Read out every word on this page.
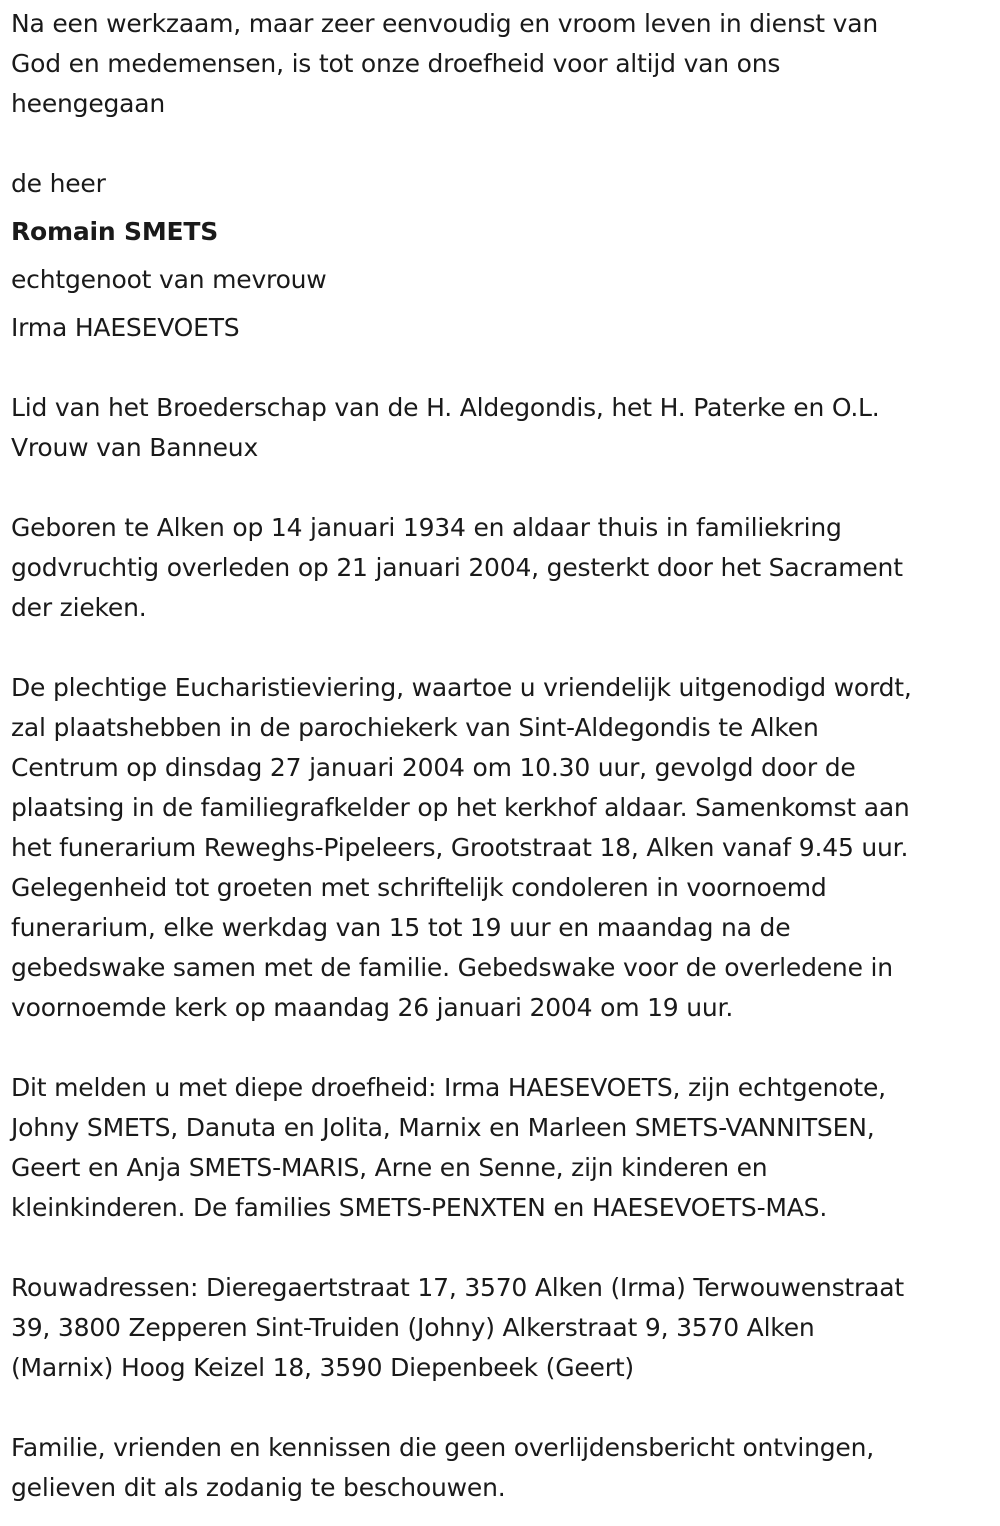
Na een werkzaam, maar zeer eenvoudig en vroom leven in dienst van
God en medemensen, is tot onze droefheid voor altijd van ons
heengegaan

de heer

Romain SMETS

echtgenoot van mevrouw

Irma HAESEVOETS

Lid van het Broederschap van de H. Aldegondis, het H. Paterke en O.L.
Vrouw van Banneux

Geboren te Alken op 14 januari 1934 en aldaar thuis in familiekring
godvruchtig overleden op 21 januari 2004, gesterkt door het Sacrament
der zieken.

De plechtige Eucharistieviering, waartoe u vriendelijk uitgenodigd wordt,
zal plaatshebben in de parochiekerk van Sint-Aldegondis te Alken
Centrum op dinsdag 27 januari 2004 om 10.30 uur, gevolgd door de
plaatsing in de familiegrafkelder op het kerkhof aldaar. Samenkomst aan
het funerarium Reweghs-Pipeleers, Grootstraat 18, Alken vanaf 9.45 uur.
Gelegenheid tot groeten met schriftelijk condoleren in voornoemd
funerarium, elke werkdag van 15 tot 19 uur en maandag na de
gebedswake samen met de familie. Gebedswake voor de overledene in
voornoemde kerk op maandag 26 januari 2004 om 19 uur.

Dit melden u met diepe droefheid: Irma HAESEVOETS, zijn echtgenote,
Johny SMETS, Danuta en Jolita, Marnix en Marleen SMETS-VANNITSEN,
Geert en Anja SMETS-MARIS, Arne en Senne, zijn kinderen en
kleinkinderen. De families SMETS-PENXTEN en HAESEVOETS-MAS.

Rouwadressen: Dieregaertstraat 17, 3570 Alken (Irma) Terwouwenstraat
39, 3800 Zepperen Sint-Truiden (Johny) Alkerstraat 9, 3570 Alken
(Marnix) Hoog Keizel 18, 3590 Diepenbeek (Geert)

Familie, vrienden en kennissen die geen overlijdensbericht ontvingen,
gelieven dit als zodanig te beschouwen.
